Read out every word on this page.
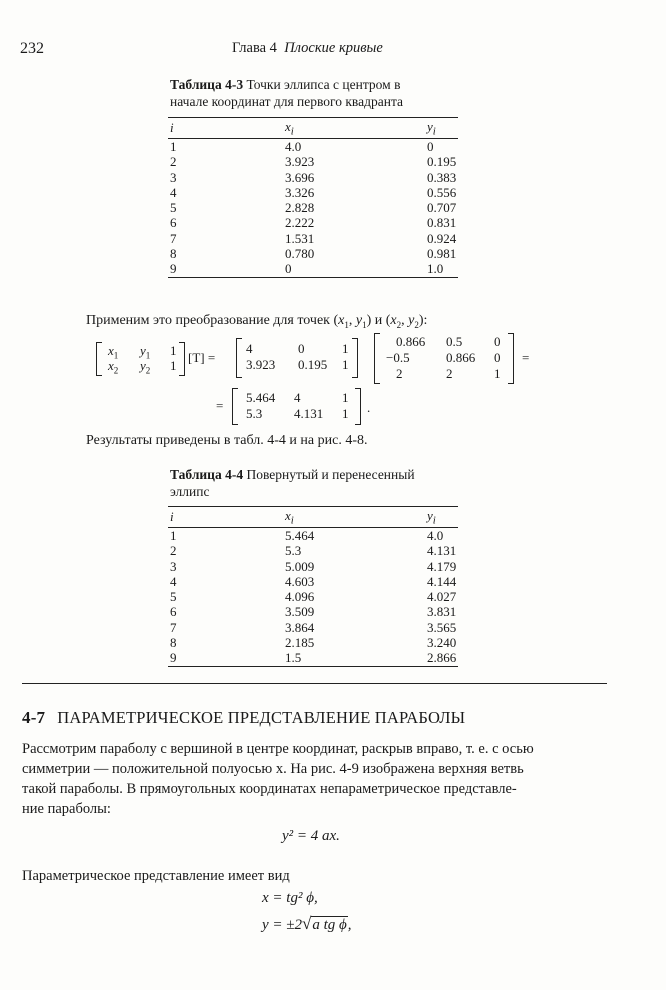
232	Глава 4 Плоские кривые
Таблица 4-3 Точки эллипса с центром в
начале координат для первого квадранта
i	$x_i$	$y_i$
1	4.0	0
2	3.923	0.195
3	3.696	0.383
4	3.326	0.556
5	2.828	0.707
6	2.222	0.831
7	1.531	0.924
8	0.780	0.981
9	0	1.0
Применим это преобразование для точек ($x_1$, $y_1$) и ($x_2$, $y_2$):
$x_1$ $y_1$ 1
$x_2$ $y_2$ 1
[T] =
4	0	1
3.923 0.195 1
0.866 0.5 0
−0.5	0.866 0
2	2	1
=
=
5.464 4	1
5.3 4.131 1 .
Результаты приведены в табл. 4-4 и на рис. 4-8.
Таблица 4-4 Повернутый и перенесенный
эллипс
i	$x_i$	$y_i$
1	5.464	4.0
2	5.3	4.131
3	5.009	4.179
4	4.603	4.144
5	4.096	4.027
6	3.509	3.831
7	3.864	3.565
8	2.185	3.240
9	1.5	2.866
4-7 ПАРАМЕТРИЧЕСКОЕ ПРЕДСТАВЛЕНИЕ ПАРАБОЛЫ
Рассмотрим параболу с вершиной в центре координат, раскрыв вправо, т. е. с осью
симметрии — положительной полуосью x. На рис. 4-9 изображена верхняя ветвь
такой параболы. В прямоугольных координатах непараметрическое представле-
ние параболы:
y² = 4 ax.
Параметрическое представление имеет вид
x = tg² ϕ,
y = ±2√a tg ϕ,
